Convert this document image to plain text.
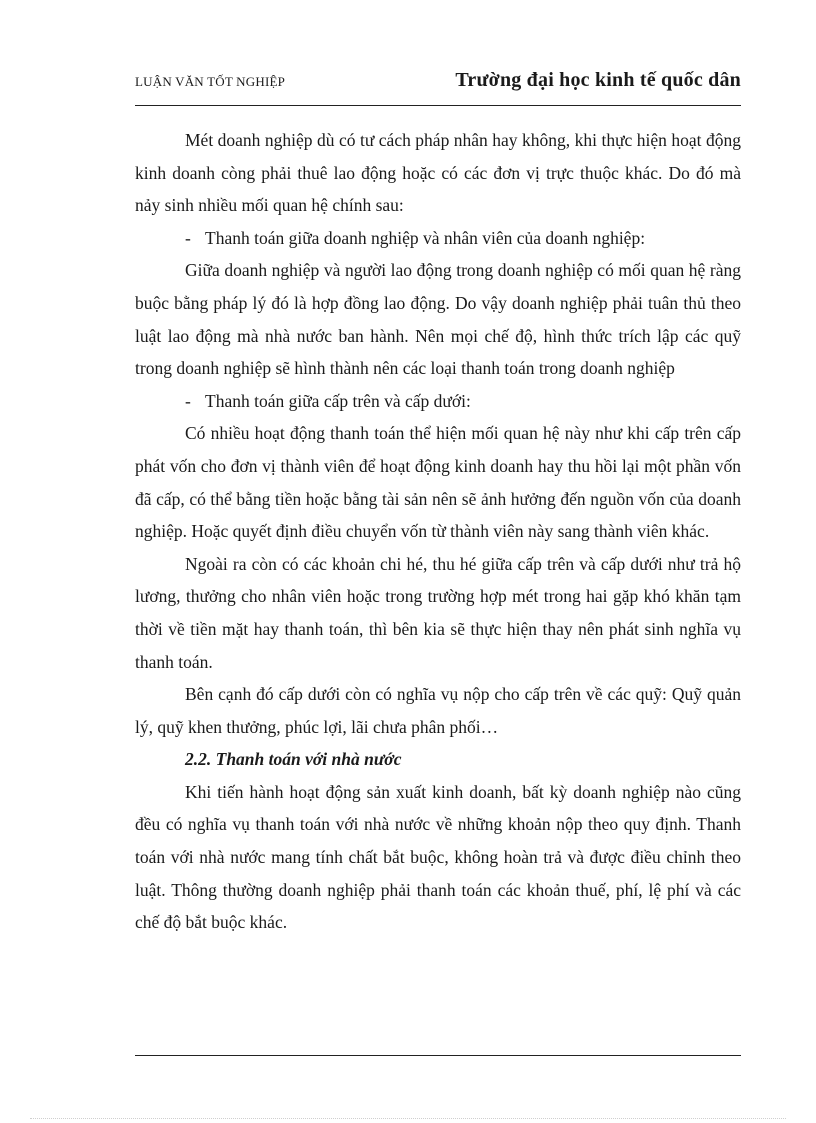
LUẬN VĂN TỐT NGHIỆP	Trường đại học kinh tế quốc dân

Mét doanh nghiệp dù có tư cách pháp nhân hay không, khi thực hiện hoạt động kinh doanh còng phải thuê lao động hoặc có các đơn vị trực thuộc khác. Do đó mà nảy sinh nhiều mối quan hệ chính sau:

- Thanh toán giữa doanh nghiệp và nhân viên của doanh nghiệp:

Giữa doanh nghiệp và người lao động trong doanh nghiệp có mối quan hệ ràng buộc bằng pháp lý đó là hợp đồng lao động. Do vậy doanh nghiệp phải tuân thủ theo luật lao động mà nhà nước ban hành. Nên mọi chế độ, hình thức trích lập các quỹ trong doanh nghiệp sẽ hình thành nên các loại thanh toán trong doanh nghiệp

- Thanh toán giữa cấp trên và cấp dưới:

Có nhiều hoạt động thanh toán thể hiện mối quan hệ này như khi cấp trên cấp phát vốn cho đơn vị thành viên để hoạt động kinh doanh hay thu hồi lại một phần vốn đã cấp, có thể bằng tiền hoặc bằng tài sản nên sẽ ảnh hưởng đến nguồn vốn của doanh nghiệp. Hoặc quyết định điều chuyển vốn từ thành viên này sang thành viên khác.

Ngoài ra còn có các khoản chi hé, thu hé giữa cấp trên và cấp dưới như trả hộ lương, thưởng cho nhân viên hoặc trong trường hợp mét trong hai gặp khó khăn tạm thời về tiền mặt hay thanh toán, thì bên kia sẽ thực hiện thay nên phát sinh nghĩa vụ thanh toán.

Bên cạnh đó cấp dưới còn có nghĩa vụ nộp cho cấp trên về các quỹ: Quỹ quản lý, quỹ khen thưởng, phúc lợi, lãi chưa phân phối…

2.2. Thanh toán với nhà nước

Khi tiến hành hoạt động sản xuất kinh doanh, bất kỳ doanh nghiệp nào cũng đều có nghĩa vụ thanh toán với nhà nước về những khoản nộp theo quy định. Thanh toán với nhà nước mang tính chất bắt buộc, không hoàn trả và được điều chỉnh theo luật. Thông thường doanh nghiệp phải thanh toán các khoản thuế, phí, lệ phí và các chế độ bắt buộc khác.
